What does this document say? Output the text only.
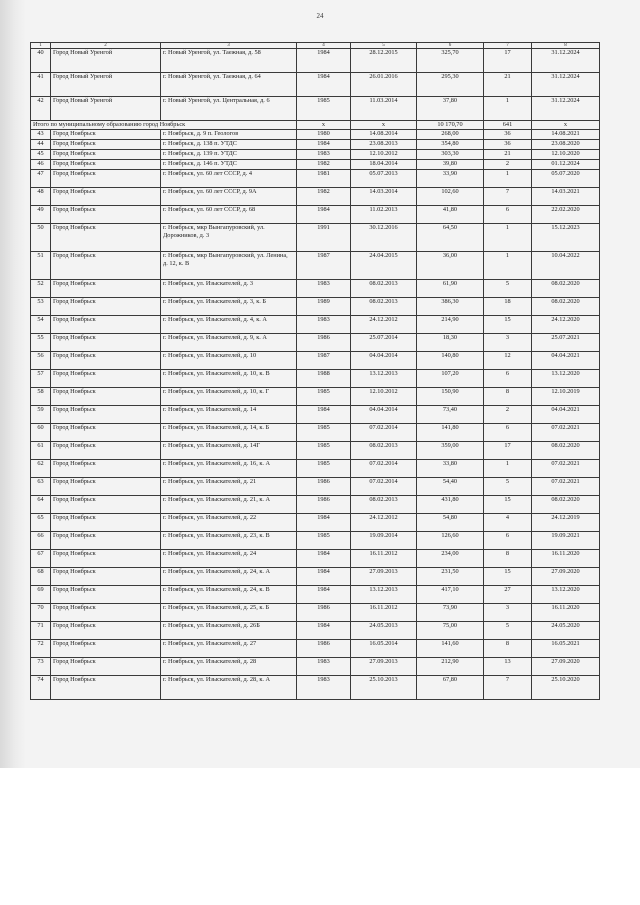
24
1	2	3	4	5	6	7	8
40	Город Новый Уренгой	г. Новый Уренгой, ул. Таежная, д. 58	1984	28.12.2015	325,70	17	31.12.2024
41	Город Новый Уренгой	г. Новый Уренгой, ул. Таежная, д. 64	1984	26.01.2016	295,30	21	31.12.2024
42	Город Новый Уренгой	г. Новый Уренгой, ул. Центральная, д. 6	1985	11.03.2014	37,80	1	31.12.2024
Итого по муниципальному образованию город Ноябрьск			x	x	10 170,70	641	x
43	Город Ноябрьск	г. Ноябрьск, д. 9 п. Геологов	1980	14.08.2014	268,00	36	14.08.2021
44	Город Ноябрьск	г. Ноябрьск, д. 138 п. УТДС	1984	23.08.2013	354,80	36	23.08.2020
45	Город Ноябрьск	г. Ноябрьск, д. 139 п. УТДС	1983	12.10.2012	303,30	21	12.10.2020
46	Город Ноябрьск	г. Ноябрьск, д. 146 п. УТДС	1982	18.04.2014	39,80	2	01.12.2024
47	Город Ноябрьск	г. Ноябрьск, ул. 60 лет СССР, д. 4	1981	05.07.2013	33,90	1	05.07.2020
48	Город Ноябрьск	г. Ноябрьск, ул. 60 лет СССР, д. 9А	1982	14.03.2014	102,60	7	14.03.2021
49	Город Ноябрьск	г. Ноябрьск, ул. 60 лет СССР, д. 68	1984	11.02.2013	41,80	6	22.02.2020
50	Город Ноябрьск	г. Ноябрьск, мкр Вынгапуровский, ул. Дорожников, д. 3	1991	30.12.2016	64,50	1	15.12.2023
51	Город Ноябрьск	г. Ноябрьск, мкр Вынгапуровский, ул. Ленина, д. 12, к. В	1987	24.04.2015	36,00	1	10.04.2022
52	Город Ноябрьск	г. Ноябрьск, ул. Изыскателей, д. 3	1983	08.02.2013	61,90	5	08.02.2020
53	Город Ноябрьск	г. Ноябрьск, ул. Изыскателей, д. 3, к. Б	1989	08.02.2013	386,30	18	08.02.2020
54	Город Ноябрьск	г. Ноябрьск, ул. Изыскателей, д. 4, к. А	1983	24.12.2012	214,90	15	24.12.2020
55	Город Ноябрьск	г. Ноябрьск, ул. Изыскателей, д. 9, к. А	1986	25.07.2014	18,30	3	25.07.2021
56	Город Ноябрьск	г. Ноябрьск, ул. Изыскателей, д. 10	1987	04.04.2014	140,80	12	04.04.2021
57	Город Ноябрьск	г. Ноябрьск, ул. Изыскателей, д. 10, к. В	1988	13.12.2013	107,20	6	13.12.2020
58	Город Ноябрьск	г. Ноябрьск, ул. Изыскателей, д. 10, к. Г	1985	12.10.2012	150,90	8	12.10.2019
59	Город Ноябрьск	г. Ноябрьск, ул. Изыскателей, д. 14	1984	04.04.2014	73,40	2	04.04.2021
60	Город Ноябрьск	г. Ноябрьск, ул. Изыскателей, д. 14, к. Б	1985	07.02.2014	141,80	6	07.02.2021
61	Город Ноябрьск	г. Ноябрьск, ул. Изыскателей, д. 14Г	1985	08.02.2013	359,00	17	08.02.2020
62	Город Ноябрьск	г. Ноябрьск, ул. Изыскателей, д. 16, к. А	1985	07.02.2014	33,80	1	07.02.2021
63	Город Ноябрьск	г. Ноябрьск, ул. Изыскателей, д. 21	1986	07.02.2014	54,40	5	07.02.2021
64	Город Ноябрьск	г. Ноябрьск, ул. Изыскателей, д. 21, к. А	1986	08.02.2013	431,80	15	08.02.2020
65	Город Ноябрьск	г. Ноябрьск, ул. Изыскателей, д. 22	1984	24.12.2012	54,80	4	24.12.2019
66	Город Ноябрьск	г. Ноябрьск, ул. Изыскателей, д. 23, к. В	1985	19.09.2014	126,60	6	19.09.2021
67	Город Ноябрьск	г. Ноябрьск, ул. Изыскателей, д. 24	1984	16.11.2012	234,00	8	16.11.2020
68	Город Ноябрьск	г. Ноябрьск, ул. Изыскателей, д. 24, к. А	1984	27.09.2013	231,50	15	27.09.2020
69	Город Ноябрьск	г. Ноябрьск, ул. Изыскателей, д. 24, к. В	1984	13.12.2013	417,10	27	13.12.2020
70	Город Ноябрьск	г. Ноябрьск, ул. Изыскателей, д. 25, к. Б	1986	16.11.2012	73,90	3	16.11.2020
71	Город Ноябрьск	г. Ноябрьск, ул. Изыскателей, д. 26Б	1984	24.05.2013	75,00	5	24.05.2020
72	Город Ноябрьск	г. Ноябрьск, ул. Изыскателей, д. 27	1986	16.05.2014	141,60	8	16.05.2021
73	Город Ноябрьск	г. Ноябрьск, ул. Изыскателей, д. 28	1983	27.09.2013	212,90	13	27.09.2020
74	Город Ноябрьск	г. Ноябрьск, ул. Изыскателей, д. 28, к. А	1983	25.10.2013	67,80	7	25.10.2020
